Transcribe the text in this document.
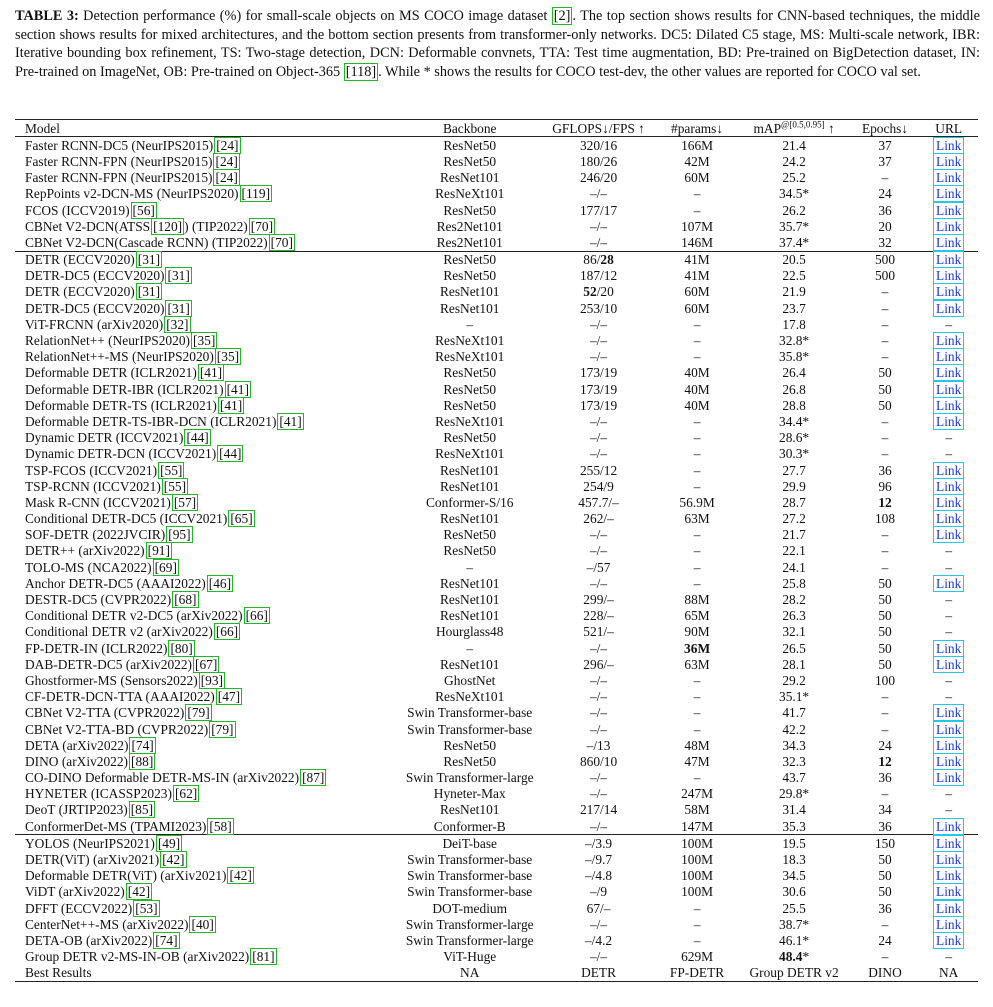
TABLE 3: Detection performance (%) for small-scale objects on MS COCO image dataset [2] . The top section shows results for CNN-based techniques, the middle section shows results for mixed architectures, and the bottom section presents from transformer-only networks. DC5: Dilated C5 stage, MS: Multi-scale network, IBR: Iterative bounding box refinement, TS: Two-stage detection, DCN: Deformable convnets, TTA: Test time augmentation, BD: Pre-trained on BigDetection dataset, IN: Pre-trained on ImageNet, OB: Pre-trained on Object-365 [118] . While * shows the results for COCO test-dev, the other values are reported for COCO val set.
Model	Backbone	GFLOPS↓/FPS ↑	#params↓	mAP$^{@[0.5,0.95]}$ ↑	Epochs↓	URL
Faster RCNN-DC5 (NeurIPS2015) [24]	ResNet50	320/16	166M	21.4	37	Link
Faster RCNN-FPN (NeurIPS2015) [24]	ResNet50	180/26	42M	24.2	37	Link
Faster RCNN-FPN (NeurIPS2015) [24]	ResNet101	246/20	60M	25.2	–	Link
RepPoints v2-DCN-MS (NeurIPS2020) [119]	ResNeXt101	–/–	–	34.5*	24	Link
FCOS (ICCV2019) [56]	ResNet50	177/17	–	26.2	36	Link
CBNet V2-DCN(ATSS [120] ) (TIP2022) [70]	Res2Net101	–/–	107M	35.7*	20	Link
CBNet V2-DCN(Cascade RCNN) (TIP2022) [70]	Res2Net101	–/–	146M	37.4*	32	Link
DETR (ECCV2020) [31]	ResNet50	86/28	41M	20.5	500	Link
DETR-DC5 (ECCV2020) [31]	ResNet50	187/12	41M	22.5	500	Link
DETR (ECCV2020) [31]	ResNet101	52/20	60M	21.9	–	Link
DETR-DC5 (ECCV2020) [31]	ResNet101	253/10	60M	23.7	–	Link
ViT-FRCNN (arXiv2020) [32]	–	–/–	–	17.8	–	–
RelationNet++ (NeurIPS2020) [35]	ResNeXt101	–/–	–	32.8*	–	Link
RelationNet++-MS (NeurIPS2020) [35]	ResNeXt101	–/–	–	35.8*	–	Link
Deformable DETR (ICLR2021) [41]	ResNet50	173/19	40M	26.4	50	Link
Deformable DETR-IBR (ICLR2021) [41]	ResNet50	173/19	40M	26.8	50	Link
Deformable DETR-TS (ICLR2021) [41]	ResNet50	173/19	40M	28.8	50	Link
Deformable DETR-TS-IBR-DCN (ICLR2021) [41]	ResNeXt101	–/–	–	34.4*	–	Link
Dynamic DETR (ICCV2021) [44]	ResNet50	–/–	–	28.6*	–	–
Dynamic DETR-DCN (ICCV2021) [44]	ResNeXt101	–/–	–	30.3*	–	–
TSP-FCOS (ICCV2021) [55]	ResNet101	255/12	–	27.7	36	Link
TSP-RCNN (ICCV2021) [55]	ResNet101	254/9	–	29.9	96	Link
Mask R-CNN (ICCV2021) [57]	Conformer-S/16	457.7/–	56.9M	28.7	12	Link
Conditional DETR-DC5 (ICCV2021) [65]	ResNet101	262/–	63M	27.2	108	Link
SOF-DETR (2022JVCIR) [95]	ResNet50	–/–	–	21.7	–	Link
DETR++ (arXiv2022) [91]	ResNet50	–/–	–	22.1	–	–
TOLO-MS (NCA2022) [69]	–	–/57	–	24.1	–	–
Anchor DETR-DC5 (AAAI2022) [46]	ResNet101	–/–	–	25.8	50	Link
DESTR-DC5 (CVPR2022) [68]	ResNet101	299/–	88M	28.2	50	–
Conditional DETR v2-DC5 (arXiv2022) [66]	ResNet101	228/–	65M	26.3	50	–
Conditional DETR v2 (arXiv2022) [66]	Hourglass48	521/–	90M	32.1	50	–
FP-DETR-IN (ICLR2022) [80]	–	–/–	36M	26.5	50	Link
DAB-DETR-DC5 (arXiv2022) [67]	ResNet101	296/–	63M	28.1	50	Link
Ghostformer-MS (Sensors2022) [93]	GhostNet	–/–	–	29.2	100	–
CF-DETR-DCN-TTA (AAAI2022) [47]	ResNeXt101	–/–	–	35.1*	–	–
CBNet V2-TTA (CVPR2022) [79]	Swin Transformer-base	–/–	–	41.7	–	Link
CBNet V2-TTA-BD (CVPR2022) [79]	Swin Transformer-base	–/–	–	42.2	–	Link
DETA (arXiv2022) [74]	ResNet50	–/13	48M	34.3	24	Link
DINO (arXiv2022) [88]	ResNet50	860/10	47M	32.3	12	Link
CO-DINO Deformable DETR-MS-IN (arXiv2022) [87]	Swin Transformer-large	–/–	–	43.7	36	Link
HYNETER (ICASSP2023) [62]	Hyneter-Max	–/–	247M	29.8*	–	–
DeoT (JRTIP2023) [85]	ResNet101	217/14	58M	31.4	34	–
ConformerDet-MS (TPAMI2023) [58]	Conformer-B	–/–	147M	35.3	36	Link
YOLOS (NeurIPS2021) [49]	DeiT-base	–/3.9	100M	19.5	150	Link
DETR(ViT) (arXiv2021) [42]	Swin Transformer-base	–/9.7	100M	18.3	50	Link
Deformable DETR(ViT) (arXiv2021) [42]	Swin Transformer-base	–/4.8	100M	34.5	50	Link
ViDT (arXiv2022) [42]	Swin Transformer-base	–/9	100M	30.6	50	Link
DFFT (ECCV2022) [53]	DOT-medium	67/–	–	25.5	36	Link
CenterNet++-MS (arXiv2022) [40]	Swin Transformer-large	–/–	–	38.7*	–	Link
DETA-OB (arXiv2022) [74]	Swin Transformer-large	–/4.2	–	46.1*	24	Link
Group DETR v2-MS-IN-OB (arXiv2022) [81]	ViT-Huge	–/–	629M	48.4*	–	–
Best Results	NA	DETR	FP-DETR	Group DETR v2	DINO	NA
